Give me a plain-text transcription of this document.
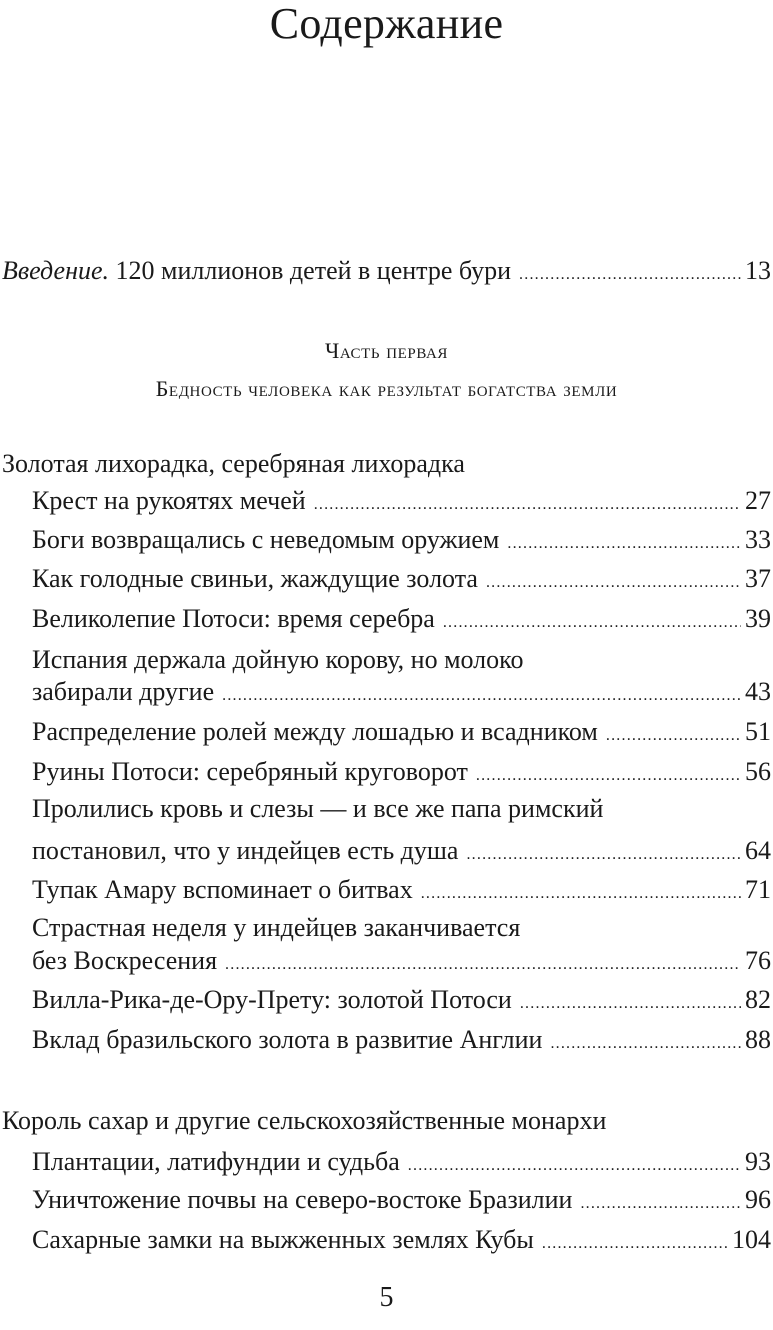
Содержание
Введение. 120 миллионов детей в центре бури .....	13
Часть первая
Бедность человека как результат богатства земли
Золотая лихорадка, серебряная лихорадка
Крест на рукоятях мечей .....	27
Боги возвращались с неведомым оружием .....	33
Как голодные свиньи, жаждущие золота .....	37
Великолепие Потоси: время серебра .....	39
Испания держала дойную корову, но молоко
забирали другие .....	43
Распределение ролей между лошадью и всадником .....	51
Руины Потоси: серебряный круговорот .....	56
Пролились кровь и слезы — и все же папа римский
постановил, что у индейцев есть душа .....	64
Тупак Амару вспоминает о битвах .....	71
Страстная неделя у индейцев заканчивается
без Воскресения .....	76
Вилла-Рика-де-Ору-Прету: золотой Потоси .....	82
Вклад бразильского золота в развитие Англии .....	88
Король сахар и другие сельскохозяйственные монархи
Плантации, латифундии и судьба .....	93
Уничтожение почвы на северо-востоке Бразилии .....	96
Сахарные замки на выжженных землях Кубы .....	104
5
